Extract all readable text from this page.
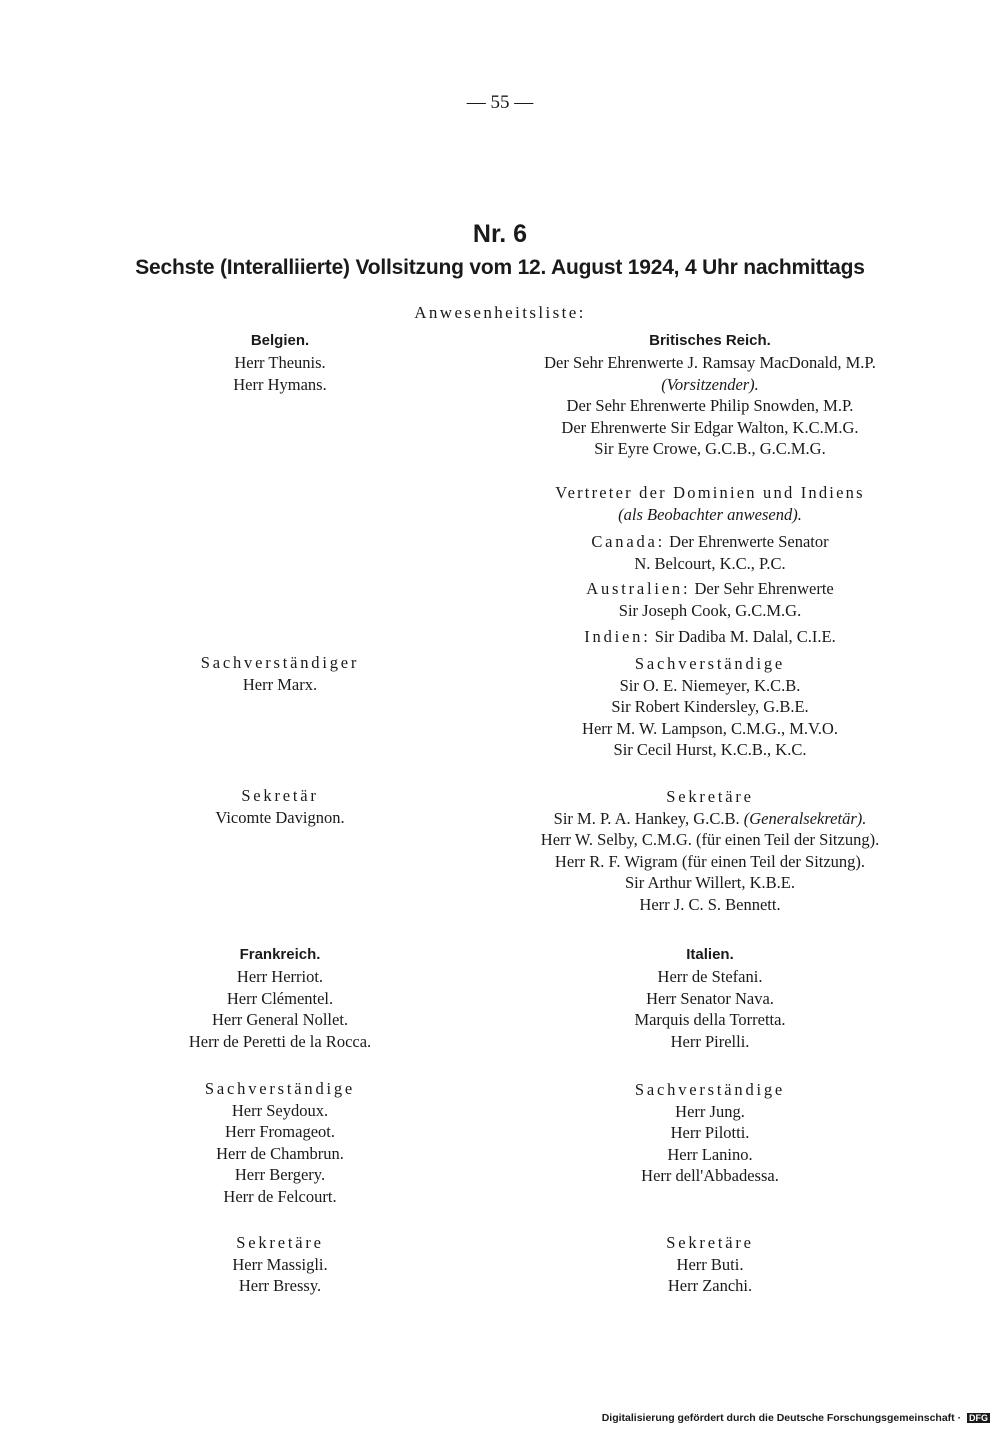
— 55 —
Nr. 6
Sechste (Interalliierte) Vollsitzung vom 12. August 1924, 4 Uhr nachmittags
Anwesenheitsliste:
Belgien.
Herr Theunis.
Herr Hymans.
Sachverständiger
Herr Marx.
Sekretär
Vicomte Davignon.
Britisches Reich.
Der Sehr Ehrenwerte J. Ramsay MacDonald, M.P.
(Vorsitzender).
Der Sehr Ehrenwerte Philip Snowden, M.P.
Der Ehrenwerte Sir Edgar Walton, K.C.M.G.
Sir Eyre Crowe, G.C.B., G.C.M.G.
Vertreter der Dominien und Indiens
(als Beobachter anwesend).
Canada: Der Ehrenwerte Senator
N. Belcourt, K.C., P.C.
Australien: Der Sehr Ehrenwerte
Sir Joseph Cook, G.C.M.G.
Indien: Sir Dadiba M. Dalal, C.I.E.
Sachverständige
Sir O. E. Niemeyer, K.C.B.
Sir Robert Kindersley, G.B.E.
Herr M. W. Lampson, C.M.G., M.V.O.
Sir Cecil Hurst, K.C.B., K.C.
Sekretäre
Sir M. P. A. Hankey, G.C.B. (Generalsekretär).
Herr W. Selby, C.M.G. (für einen Teil der Sitzung).
Herr R. F. Wigram (für einen Teil der Sitzung).
Sir Arthur Willert, K.B.E.
Herr J. C. S. Bennett.
Frankreich.
Herr Herriot.
Herr Clémentel.
Herr General Nollet.
Herr de Peretti de la Rocca.
Sachverständige
Herr Seydoux.
Herr Fromageot.
Herr de Chambrun.
Herr Bergery.
Herr de Felcourt.
Sekretäre
Herr Massigli.
Herr Bressy.
Italien.
Herr de Stefani.
Herr Senator Nava.
Marquis della Torretta.
Herr Pirelli.
Sachverständige
Herr Jung.
Herr Pilotti.
Herr Lanino.
Herr dell'Abbadessa.
Sekretäre
Herr Buti.
Herr Zanchi.
Digitalisierung gefördert durch die Deutsche Forschungsgemeinschaft · DFG
